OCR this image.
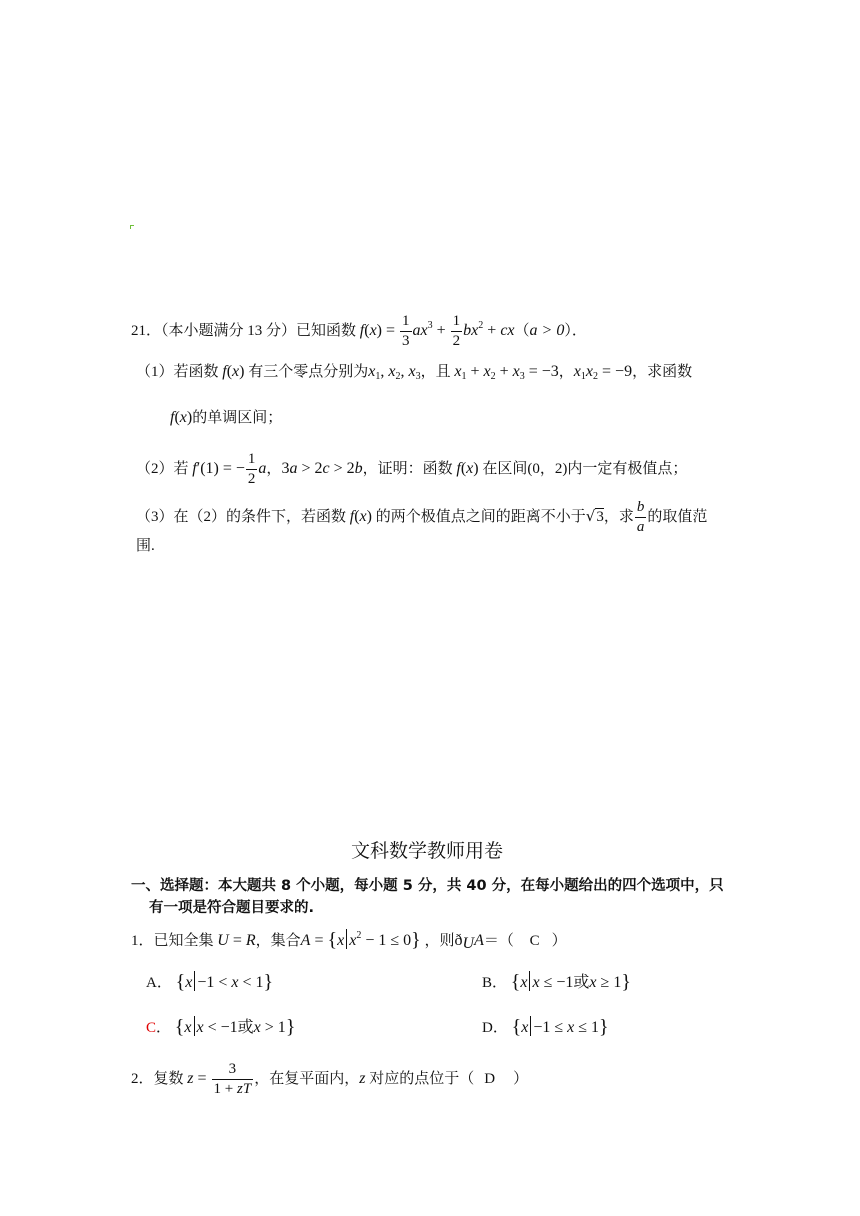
21．（本小题满分 13 分）已知函数 $f(x) = \frac{1}{3} ax^3 + \frac{1}{2} bx^2 + cx(a > 0)$．
（1）若函数 f(x) 有三个零点分别为$x_1$, $x_2$, $x_3$，且 $x_1 + x_2 + x_3 = -3$，$x_1x_2 = -9$，求函数
f(x)的单调区间；
（2）若 f′(1) = − $\frac{1}{2}$ a，3a > 2c > 2b，证明：函数 f(x) 在区间(0，2)内一定有极值点；
（3）在（2）的条件下，若函数 f(x) 的两个极值点之间的距离不小于√3，求 $\frac{b}{a}$ 的取值范
围.
文科数学教师用卷
一、选择题：本大题共 8 个小题，每小题 5 分，共 40 分，在每小题给出的四个选项中，只
有一项是符合题目要求的.
1．已知全集 U = R，集合A = {x $x^2 - 1 \le 0$} ，则$ð_UA=$（ C ）
A． {x −1 < x < 1}	B． {x x ≤ −1或x ≥ 1}
C． {x x < −1或x > 1}	D． {x −1 ≤ x ≤ 1}
2．复数 $z = \frac{3}{1 + zT}$ ，在复平面内，z 对应的点位于（ D ）
